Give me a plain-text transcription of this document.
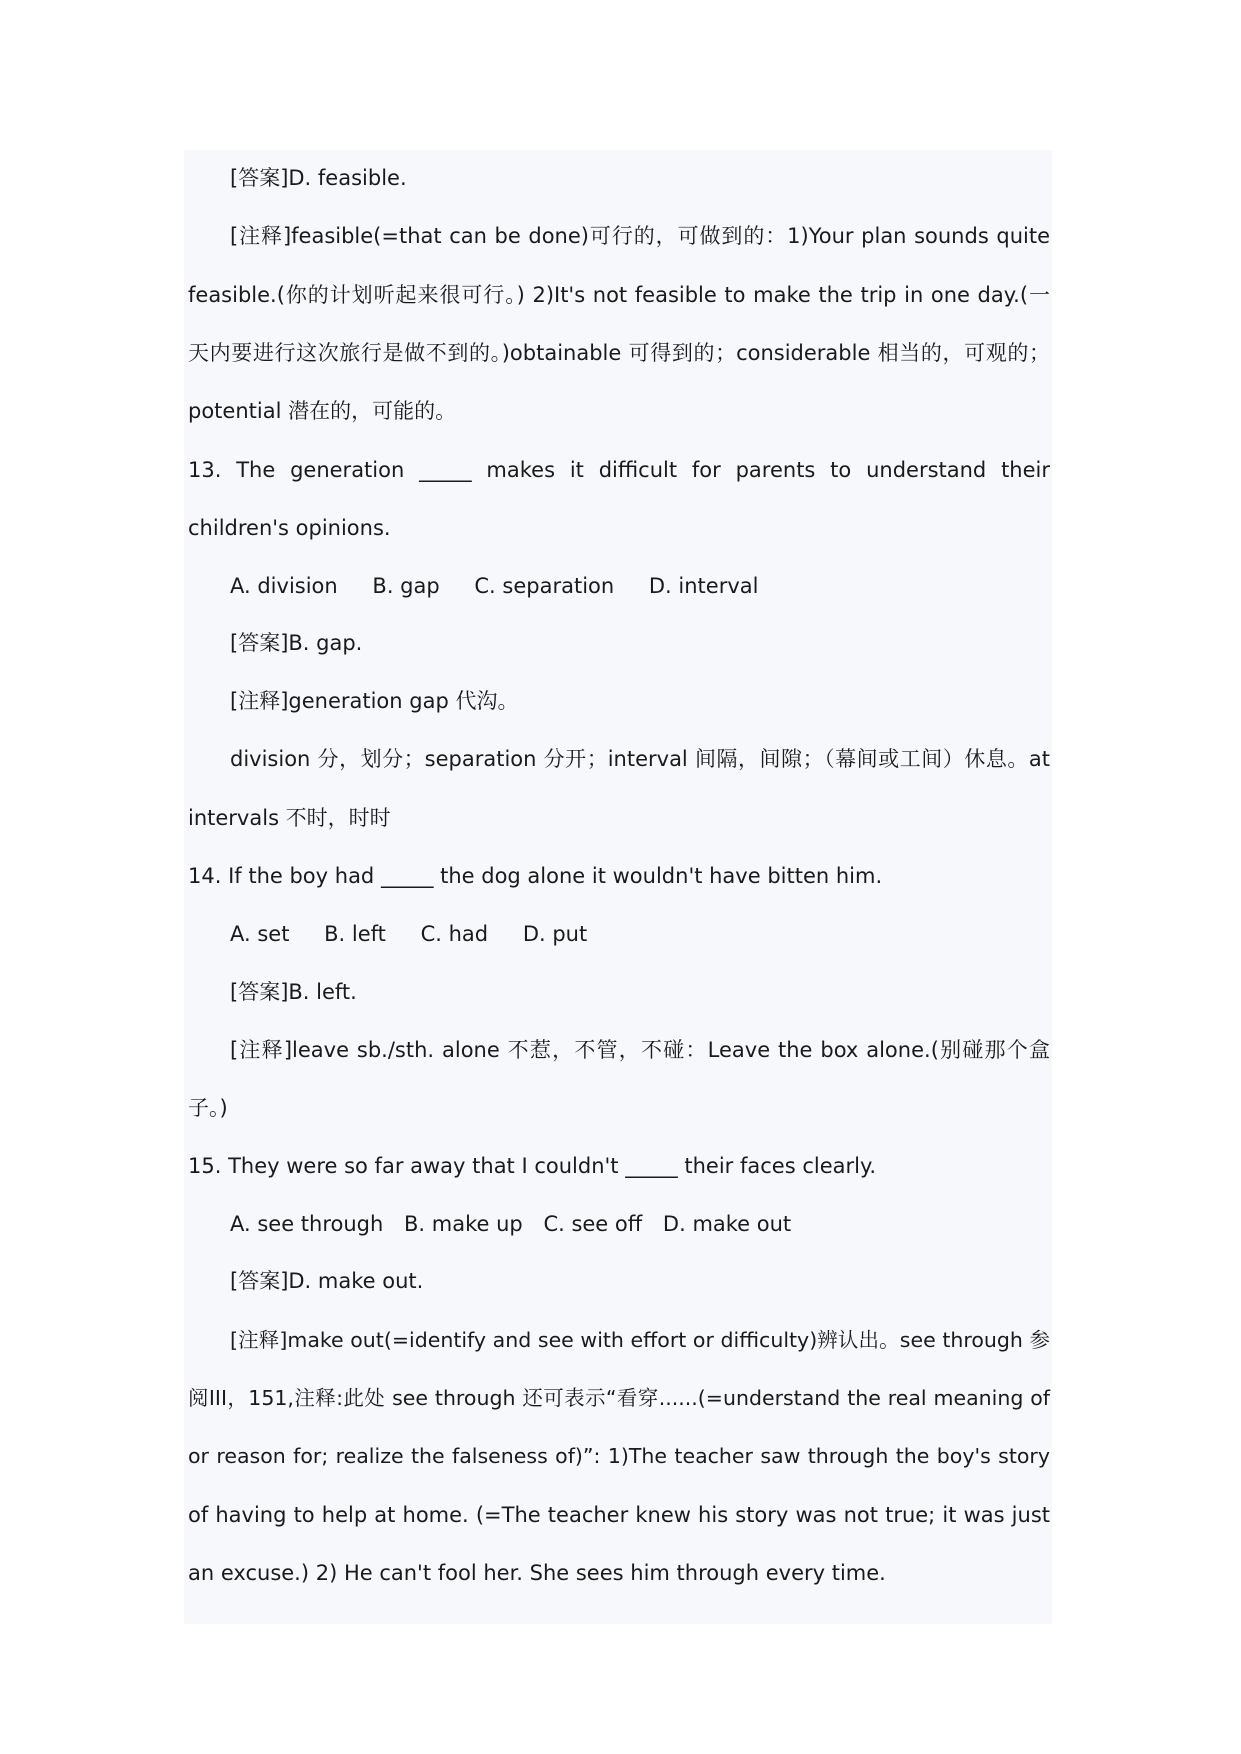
[答案]D. feasible.
[注释]feasible(=that can be done)可行的，可做到的：1)Your plan sounds quite
feasible.(你的计划听起来很可行。) 2)It's not feasible to make the trip in one day.(一
天内要进行这次旅行是做不到的。)obtainable 可得到的；considerable 相当的，可观的；
potential 潜在的，可能的。
13. The generation _____ makes it difficult for parents to understand their
children's opinions.
A. division B. gap C. separation D. interval
[答案]B. gap.
[注释]generation gap 代沟。
division 分，划分；separation 分开；interval 间隔，间隙；（幕间或工间）休息。at
intervals 不时，时时
14. If the boy had _____ the dog alone it wouldn't have bitten him.
A. set B. left C. had D. put
[答案]B. left.
[注释]leave sb./sth. alone 不惹，不管，不碰：Leave the box alone.(别碰那个盒
子。)
15. They were so far away that I couldn't _____ their faces clearly.
A. see through B. make up C. see off D. make out
[答案]D. make out.
[注释]make out(=identify and see with effort or difficulty)辨认出。see through 参
阅III，151,注释:此处 see through 还可表示“看穿......(=understand the real meaning of
or reason for; realize the falseness of)”: 1)The teacher saw through the boy's story
of having to help at home. (=The teacher knew his story was not true; it was just
an excuse.) 2) He can't fool her. She sees him through every time.
